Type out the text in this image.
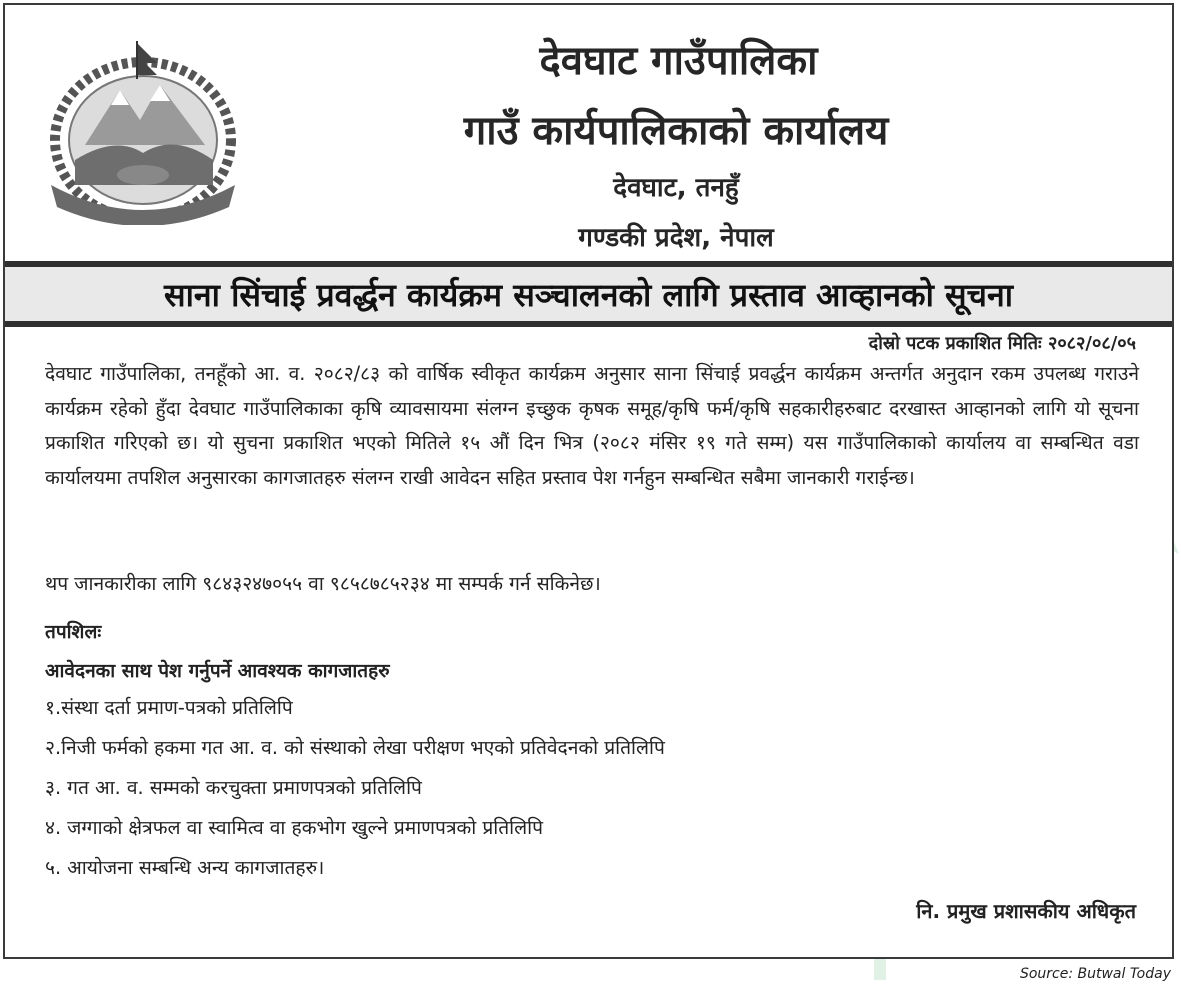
देवघाट गाउँपालिका
गाउँ कार्यपालिकाको कार्यालय
देवघाट, तनहुँ
गण्डकी प्रदेश, नेपाल
साना सिंचाई प्रवर्द्धन कार्यक्रम सञ्चालनको लागि प्रस्ताव आव्हानको सूचना
दोस्रो पटक प्रकाशित मितिः २०८२/०८/०५
देवघाट गाउँपालिका, तनहूँको आ. व. २०८२/८३ को वार्षिक स्वीकृत कार्यक्रम अनुसार साना सिंचाई प्रवर्द्धन कार्यक्रम अन्तर्गत अनुदान रकम उपलब्ध गराउने कार्यक्रम रहेको हुँदा देवघाट गाउँपालिकाका कृषि व्यावसायमा संलग्न इच्छुक कृषक समूह/कृषि फर्म/कृषि सहकारीहरुबाट दरखास्त आव्हानको लागि यो सूचना प्रकाशित गरिएको छ। यो सुचना प्रकाशित भएको मितिले १५ औं दिन भित्र (२०८२ मंसिर १९ गते सम्म) यस गाउँपालिकाको कार्यालय वा सम्बन्धित वडा कार्यालयमा तपशिल अनुसारका कागजातहरु संलग्न राखी आवेदन सहित प्रस्ताव पेश गर्नहुन सम्बन्धित सबैमा जानकारी गराईन्छ।
थप जानकारीका लागि ९८४३२४७०५५ वा ९८५८७८५२३४ मा सम्पर्क गर्न सकिनेछ।
तपशिलः
आवेदनका साथ पेश गर्नुपर्ने आवश्यक कागजातहरु
१.संस्था दर्ता प्रमाण-पत्रको प्रतिलिपि
२.निजी फर्मको हकमा गत आ. व. को संस्थाको लेखा परीक्षण भएको प्रतिवेदनको प्रतिलिपि
३. गत आ. व. सम्मको करचुक्ता प्रमाणपत्रको प्रतिलिपि
४. जग्गाको क्षेत्रफल वा स्वामित्व वा हकभोग खुल्ने प्रमाणपत्रको प्रतिलिपि
५. आयोजना सम्बन्धि अन्य कागजातहरु।
नि. प्रमुख प्रशासकीय अधिकृत
Source: Butwal Today
